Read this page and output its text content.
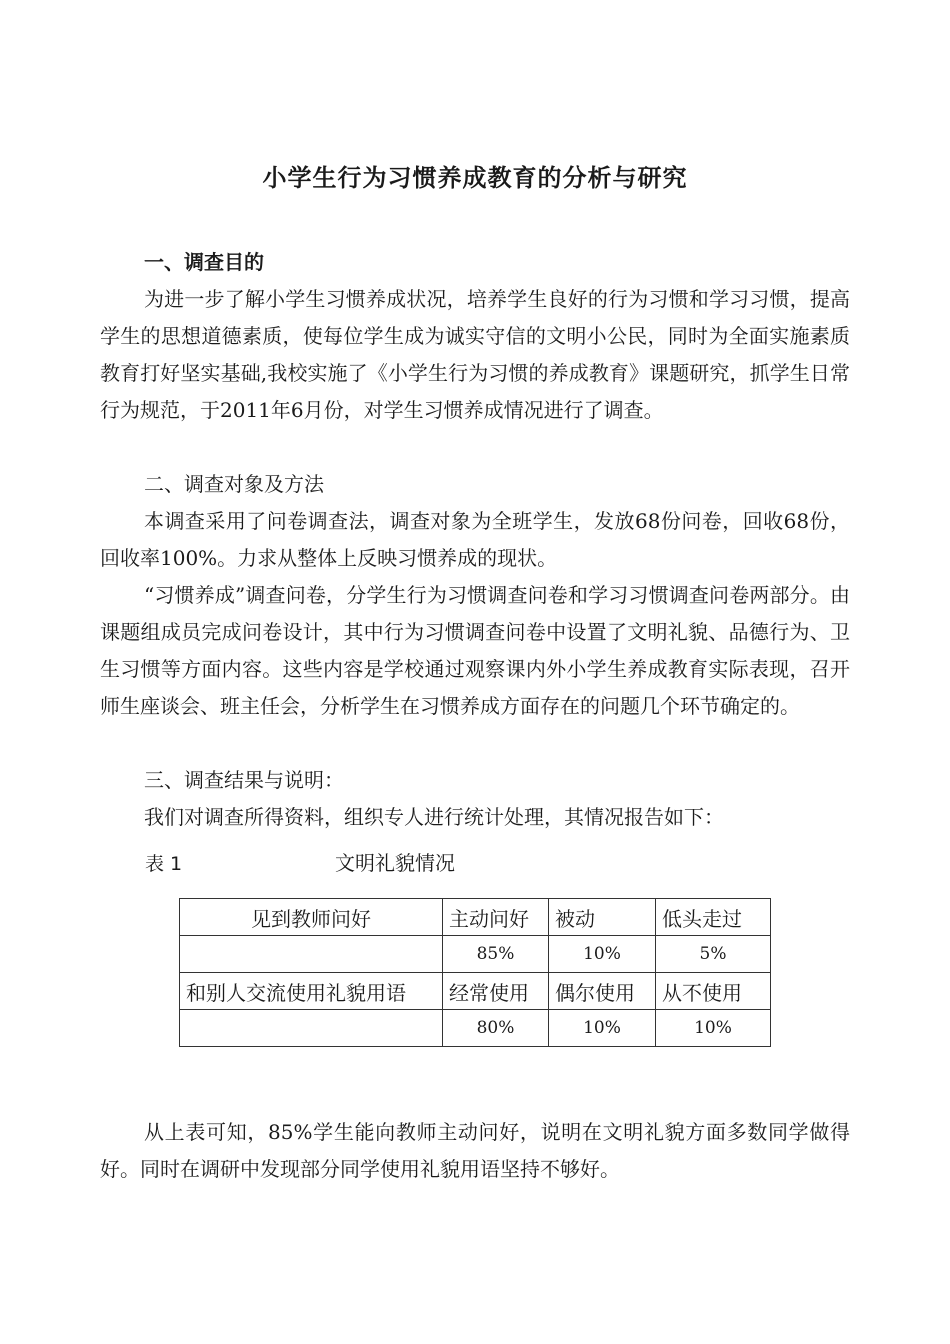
小学生行为习惯养成教育的分析与研究

一、调查目的

为进一步了解小学生习惯养成状况，培养学生良好的行为习惯和学习习惯，提高学生的思想道德素质，使每位学生成为诚实守信的文明小公民，同时为全面实施素质教育打好坚实基础,我校实施了《小学生行为习惯的养成教育》课题研究，抓学生日常行为规范，于2011年6月份，对学生习惯养成情况进行了调查。

二、调查对象及方法

本调查采用了问卷调查法，调查对象为全班学生，发放68份问卷，回收68份，回收率100%。力求从整体上反映习惯养成的现状。

“习惯养成”调查问卷，分学生行为习惯调查问卷和学习习惯调查问卷两部分。由课题组成员完成问卷设计，其中行为习惯调查问卷中设置了文明礼貌、品德行为、卫生习惯等方面内容。这些内容是学校通过观察课内外小学生养成教育实际表现，召开师生座谈会、班主任会，分析学生在习惯养成方面存在的问题几个环节确定的。

三、调查结果与说明：

我们对调查所得资料，组织专人进行统计处理，其情况报告如下：

表 1	文明礼貌情况
见到教师问好	主动问好	被动	低头走过
	85%	10%	5%
和别人交流使用礼貌用语	经常使用	偶尔使用	从不使用
	80%	10%	10%

从上表可知，85%学生能向教师主动问好，说明在文明礼貌方面多数同学做得好。同时在调研中发现部分同学使用礼貌用语坚持不够好。
